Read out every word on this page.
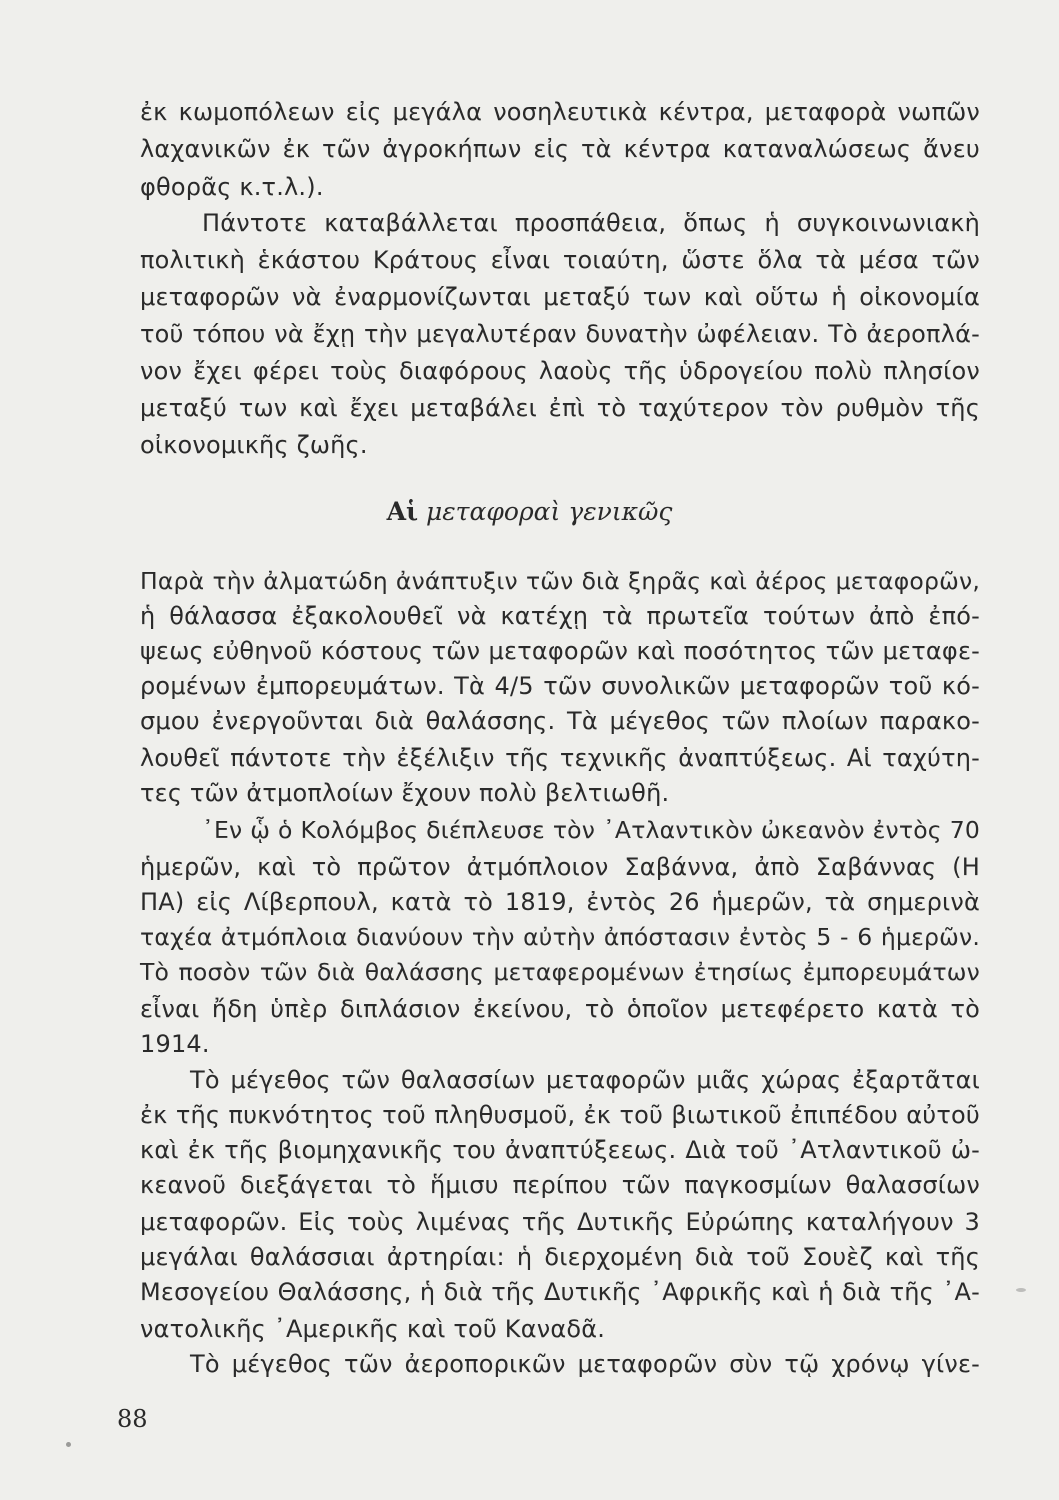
ἐκ κωμοπόλεων εἰς μεγάλα νοσηλευτικὰ κέντρα, μεταφορὰ νωπῶν
λαχανικῶν ἐκ τῶν ἀγροκήπων εἰς τὰ κέντρα καταναλώσεως ἄνευ
φθορᾶς κ.τ.λ.).
Πάντοτε καταβάλλεται προσπάθεια, ὅπως ἡ συγκοινωνιακὴ
πολιτικὴ ἑκάστου Κράτους εἶναι τοιαύτη, ὥστε ὅλα τὰ μέσα τῶν
μεταφορῶν νὰ ἐναρμονίζωνται μεταξύ των καὶ οὕτω ἡ οἰκονομία
τοῦ τόπου νὰ ἔχῃ τὴν μεγαλυτέραν δυνατὴν ὠφέλειαν. Τὸ ἀεροπλά-
νον ἔχει φέρει τοὺς διαφόρους λαοὺς τῆς ὑδρογείου πολὺ πλησίον
μεταξύ των καὶ ἔχει μεταβάλει ἐπὶ τὸ ταχύτερον τὸν ρυθμὸν τῆς
οἰκονομικῆς ζωῆς.
Αἱ μεταφοραὶ γενικῶς
Παρὰ τὴν ἀλματώδη ἀνάπτυξιν τῶν διὰ ξηρᾶς καὶ ἀέρος μεταφορῶν,
ἡ θάλασσα ἐξακολουθεῖ νὰ κατέχῃ τὰ πρωτεῖα τούτων ἀπὸ ἐπό-
ψεως εὐθηνοῦ κόστους τῶν μεταφορῶν καὶ ποσότητος τῶν μεταφε-
ρομένων ἐμπορευμάτων. Τὰ 4/5 τῶν συνολικῶν μεταφορῶν τοῦ κό-
σμου ἐνεργοῦνται διὰ θαλάσσης. Τὰ μέγεθος τῶν πλοίων παρακο-
λουθεῖ πάντοτε τὴν ἐξέλιξιν τῆς τεχνικῆς ἀναπτύξεως. Αἱ ταχύτη-
τες τῶν ἀτμοπλοίων ἔχουν πολὺ βελτιωθῆ.
᾿Εν ᾧ ὁ Κολόμβος διέπλευσε τὸν ᾿Ατλαντικὸν ὠκεανὸν ἐντὸς 70
ἡμερῶν, καὶ τὸ πρῶτον ἀτμόπλοιον Σαβάννα, ἀπὸ Σαβάννας (Η
ΠΑ) εἰς Λίβερπουλ, κατὰ τὸ 1819, ἐντὸς 26 ἡμερῶν, τὰ σημερινὰ
ταχέα ἀτμόπλοια διανύουν τὴν αὐτὴν ἀπόστασιν ἐντὸς 5 - 6 ἡμερῶν.
Τὸ ποσὸν τῶν διὰ θαλάσσης μεταφερομένων ἐτησίως ἐμπορευμάτων
εἶναι ἤδη ὑπὲρ διπλάσιον ἐκείνου, τὸ ὁποῖον μετεφέρετο κατὰ τὸ
1914.
Τὸ μέγεθος τῶν θαλασσίων μεταφορῶν μιᾶς χώρας ἐξαρτᾶται
ἐκ τῆς πυκνότητος τοῦ πληθυσμοῦ, ἐκ τοῦ βιωτικοῦ ἐπιπέδου αὐτοῦ
καὶ ἐκ τῆς βιομηχανικῆς του ἀναπτύξεεως. Διὰ τοῦ ᾿Ατλαντικοῦ ὠ-
κεανοῦ διεξάγεται τὸ ἥμισυ περίπου τῶν παγκοσμίων θαλασσίων
μεταφορῶν. Εἰς τοὺς λιμένας τῆς Δυτικῆς Εὐρώπης καταλήγουν 3
μεγάλαι θαλάσσιαι ἀρτηρίαι: ἡ διερχομένη διὰ τοῦ Σουὲζ καὶ τῆς
Μεσογείου Θαλάσσης, ἡ διὰ τῆς Δυτικῆς ᾿Αφρικῆς καὶ ἡ διὰ τῆς ᾿Α-
νατολικῆς ᾿Αμερικῆς καὶ τοῦ Καναδᾶ.
Τὸ μέγεθος τῶν ἀεροπορικῶν μεταφορῶν σὺν τῷ χρόνῳ γίνε-
88
